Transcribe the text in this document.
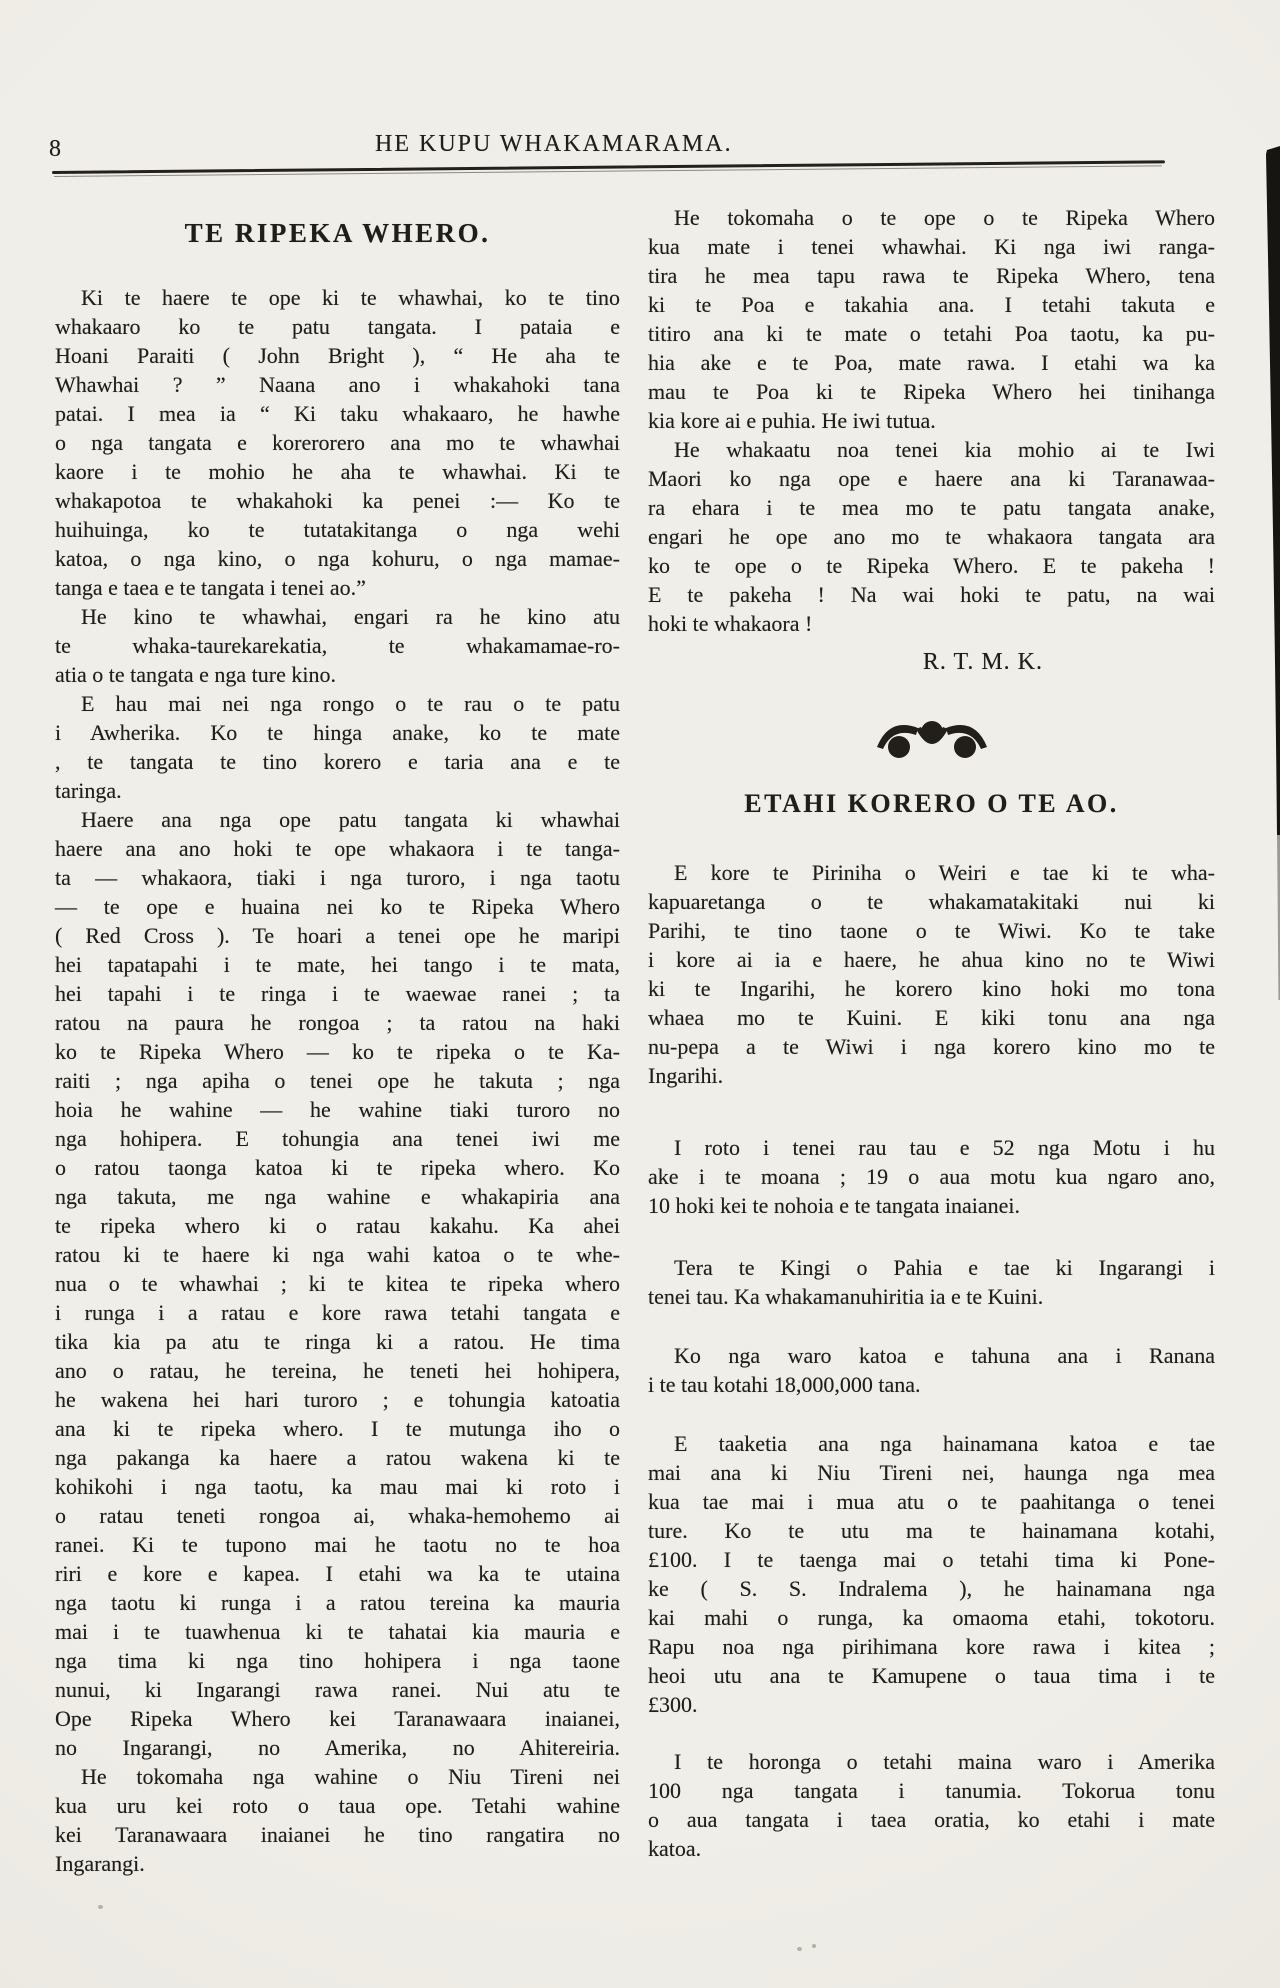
8	HE KUPU WHAKAMARAMA.
TE RIPEKA WHERO.
Ki te haere te ope ki te whawhai, ko te tino
whakaaro ko te patu tangata. I pataia e
Hoani Paraiti ( John Bright ), “ He aha te
Whawhai ? ” Naana ano i whakahoki tana
patai. I mea ia “ Ki taku whakaaro, he hawhe
o nga tangata e korerorero ana mo te whawhai
kaore i te mohio he aha te whawhai. Ki te
whakapotoa te whakahoki ka penei :— Ko te
huihuinga, ko te tutatakitanga o nga wehi
katoa, o nga kino, o nga kohuru, o nga mamae-
tanga e taea e te tangata i tenei ao.”
He kino te whawhai, engari ra he kino atu
te whaka-taurekarekatia, te whakamamae-ro-
atia o te tangata e nga ture kino.
E hau mai nei nga rongo o te rau o te patu
i Awherika. Ko te hinga anake, ko te mate
, te tangata te tino korero e taria ana e te
taringa.
Haere ana nga ope patu tangata ki whawhai
haere ana ano hoki te ope whakaora i te tanga-
ta — whakaora, tiaki i nga turoro, i nga taotu
— te ope e huaina nei ko te Ripeka Whero
( Red Cross ). Te hoari a tenei ope he maripi
hei tapatapahi i te mate, hei tango i te mata,
hei tapahi i te ringa i te waewae ranei ; ta
ratou na paura he rongoa ; ta ratou na haki
ko te Ripeka Whero — ko te ripeka o te Ka-
raiti ; nga apiha o tenei ope he takuta ; nga
hoia he wahine — he wahine tiaki turoro no
nga hohipera. E tohungia ana tenei iwi me
o ratou taonga katoa ki te ripeka whero. Ko
nga takuta, me nga wahine e whakapiria ana
te ripeka whero ki o ratau kakahu. Ka ahei
ratou ki te haere ki nga wahi katoa o te whe-
nua o te whawhai ; ki te kitea te ripeka whero
i runga i a ratau e kore rawa tetahi tangata e
tika kia pa atu te ringa ki a ratou. He tima
ano o ratau, he tereina, he teneti hei hohipera,
he wakena hei hari turoro ; e tohungia katoatia
ana ki te ripeka whero. I te mutunga iho o
nga pakanga ka haere a ratou wakena ki te
kohikohi i nga taotu, ka mau mai ki roto i
o ratau teneti rongoa ai, whaka-hemohemo ai
ranei. Ki te tupono mai he taotu no te hoa
riri e kore e kapea. I etahi wa ka te utaina
nga taotu ki runga i a ratou tereina ka mauria
mai i te tuawhenua ki te tahatai kia mauria e
nga tima ki nga tino hohipera i nga taone
nunui, ki Ingarangi rawa ranei. Nui atu te
Ope Ripeka Whero kei Taranawaara inaianei,
no Ingarangi, no Amerika, no Ahitereiria.
He tokomaha nga wahine o Niu Tireni nei
kua uru kei roto o taua ope. Tetahi wahine
kei Taranawaara inaianei he tino rangatira no
Ingarangi.
He tokomaha o te ope o te Ripeka Whero
kua mate i tenei whawhai. Ki nga iwi ranga-
tira he mea tapu rawa te Ripeka Whero, tena
ki te Poa e takahia ana. I tetahi takuta e
titiro ana ki te mate o tetahi Poa taotu, ka pu-
hia ake e te Poa, mate rawa. I etahi wa ka
mau te Poa ki te Ripeka Whero hei tinihanga
kia kore ai e puhia. He iwi tutua.
He whakaatu noa tenei kia mohio ai te Iwi
Maori ko nga ope e haere ana ki Taranawaa-
ra ehara i te mea mo te patu tangata anake,
engari he ope ano mo te whakaora tangata ara
ko te ope o te Ripeka Whero. E te pakeha !
E te pakeha ! Na wai hoki te patu, na wai
hoki te whakaora !
R. T. M. K.
ETAHI KORERO O TE AO.
E kore te Piriniha o Weiri e tae ki te wha-
kapuaretanga o te whakamatakitaki nui ki
Parihi, te tino taone o te Wiwi. Ko te take
i kore ai ia e haere, he ahua kino no te Wiwi
ki te Ingarihi, he korero kino hoki mo tona
whaea mo te Kuini. E kiki tonu ana nga
nu-pepa a te Wiwi i nga korero kino mo te
Ingarihi.
I roto i tenei rau tau e 52 nga Motu i hu
ake i te moana ; 19 o aua motu kua ngaro ano,
10 hoki kei te nohoia e te tangata inaianei.
Tera te Kingi o Pahia e tae ki Ingarangi i
tenei tau. Ka whakamanuhiritia ia e te Kuini.
Ko nga waro katoa e tahuna ana i Ranana
i te tau kotahi 18,000,000 tana.
E taaketia ana nga hainamana katoa e tae
mai ana ki Niu Tireni nei, haunga nga mea
kua tae mai i mua atu o te paahitanga o tenei
ture. Ko te utu ma te hainamana kotahi,
£100. I te taenga mai o tetahi tima ki Pone-
ke ( S. S. Indralema ), he hainamana nga
kai mahi o runga, ka omaoma etahi, tokotoru.
Rapu noa nga pirihimana kore rawa i kitea ;
heoi utu ana te Kamupene o taua tima i te
£300.
I te horonga o tetahi maina waro i Amerika
100 nga tangata i tanumia. Tokorua tonu
o aua tangata i taea oratia, ko etahi i mate
katoa.
